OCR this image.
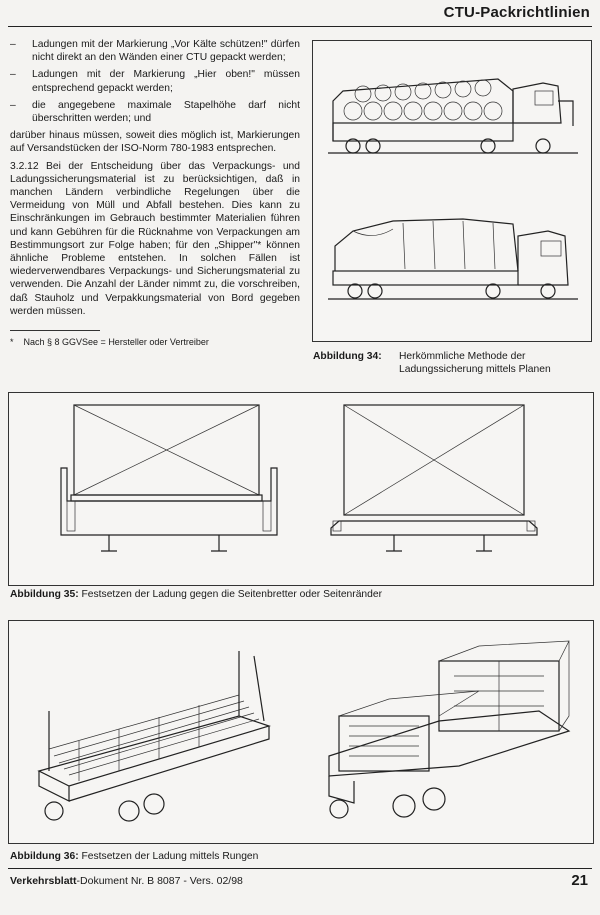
CTU-Packrichtlinien
–	Ladungen mit der Markierung „Vor Kälte schützen!" dürfen nicht direkt an den Wänden einer CTU gepackt werden;
–	Ladungen mit der Markierung „Hier oben!" müssen entsprechend gepackt werden;
–	die angegebene maximale Stapelhöhe darf nicht überschritten werden; und

darüber hinaus müssen, soweit dies möglich ist, Markierungen auf Versandstücken der ISO-Norm 780-1983 entsprechen.

3.2.12 Bei der Entscheidung über das Verpackungs- und Ladungssicherungsmaterial ist zu berücksichtigen, daß in manchen Ländern verbindliche Regelungen über die Vermeidung von Müll und Abfall bestehen. Dies kann zu Einschränkungen im Gebrauch bestimmter Materialien führen und kann Gebühren für die Rücknahme von Verpackungen am Bestimmungsort zur Folge haben; für den „Shipper"* können ähnliche Probleme entstehen. In solchen Fällen ist wiederverwendbares Verpackungs- und Sicherungsmaterial zu verwenden. Die Anzahl der Länder nimmt zu, die vorschreiben, daß Stauholz und Verpakkungsmaterial von Bord gegeben werden müssen.

* Nach § 8 GGVSee = Hersteller oder Vertreiber
Abbildung 34:	Herkömmliche Methode der Ladungssicherung mittels Planen
Abbildung 35: Festsetzen der Ladung gegen die Seitenbretter oder Seitenränder
Abbildung 36: Festsetzen der Ladung mittels Rungen
Verkehrsblatt-Dokument Nr. B 8087 - Vers. 02/98	21
